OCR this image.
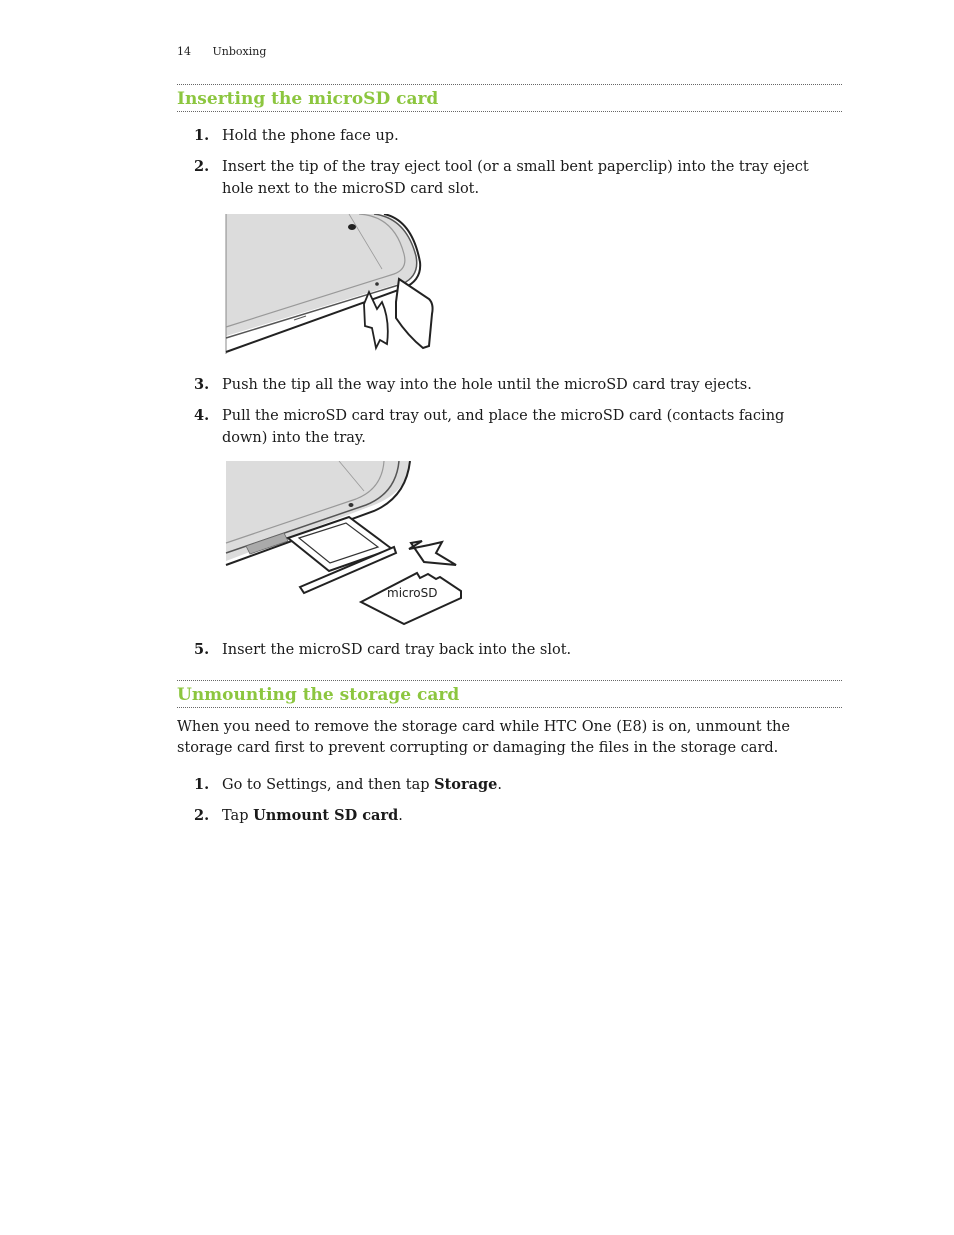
14 Unboxing
Inserting the microSD card
1. Hold the phone face up.
2. Insert the tip of the tray eject tool (or a small bent paperclip) into the tray eject hole next to the microSD card slot.
3. Push the tip all the way into the hole until the microSD card tray ejects.
4. Pull the microSD card tray out, and place the microSD card (contacts facing down) into the tray.
microSD
5. Insert the microSD card tray back into the slot.
Unmounting the storage card
When you need to remove the storage card while HTC One (E8) is on, unmount the storage card first to prevent corrupting or damaging the files in the storage card.
1. Go to Settings, and then tap Storage.
2. Tap Unmount SD card.
